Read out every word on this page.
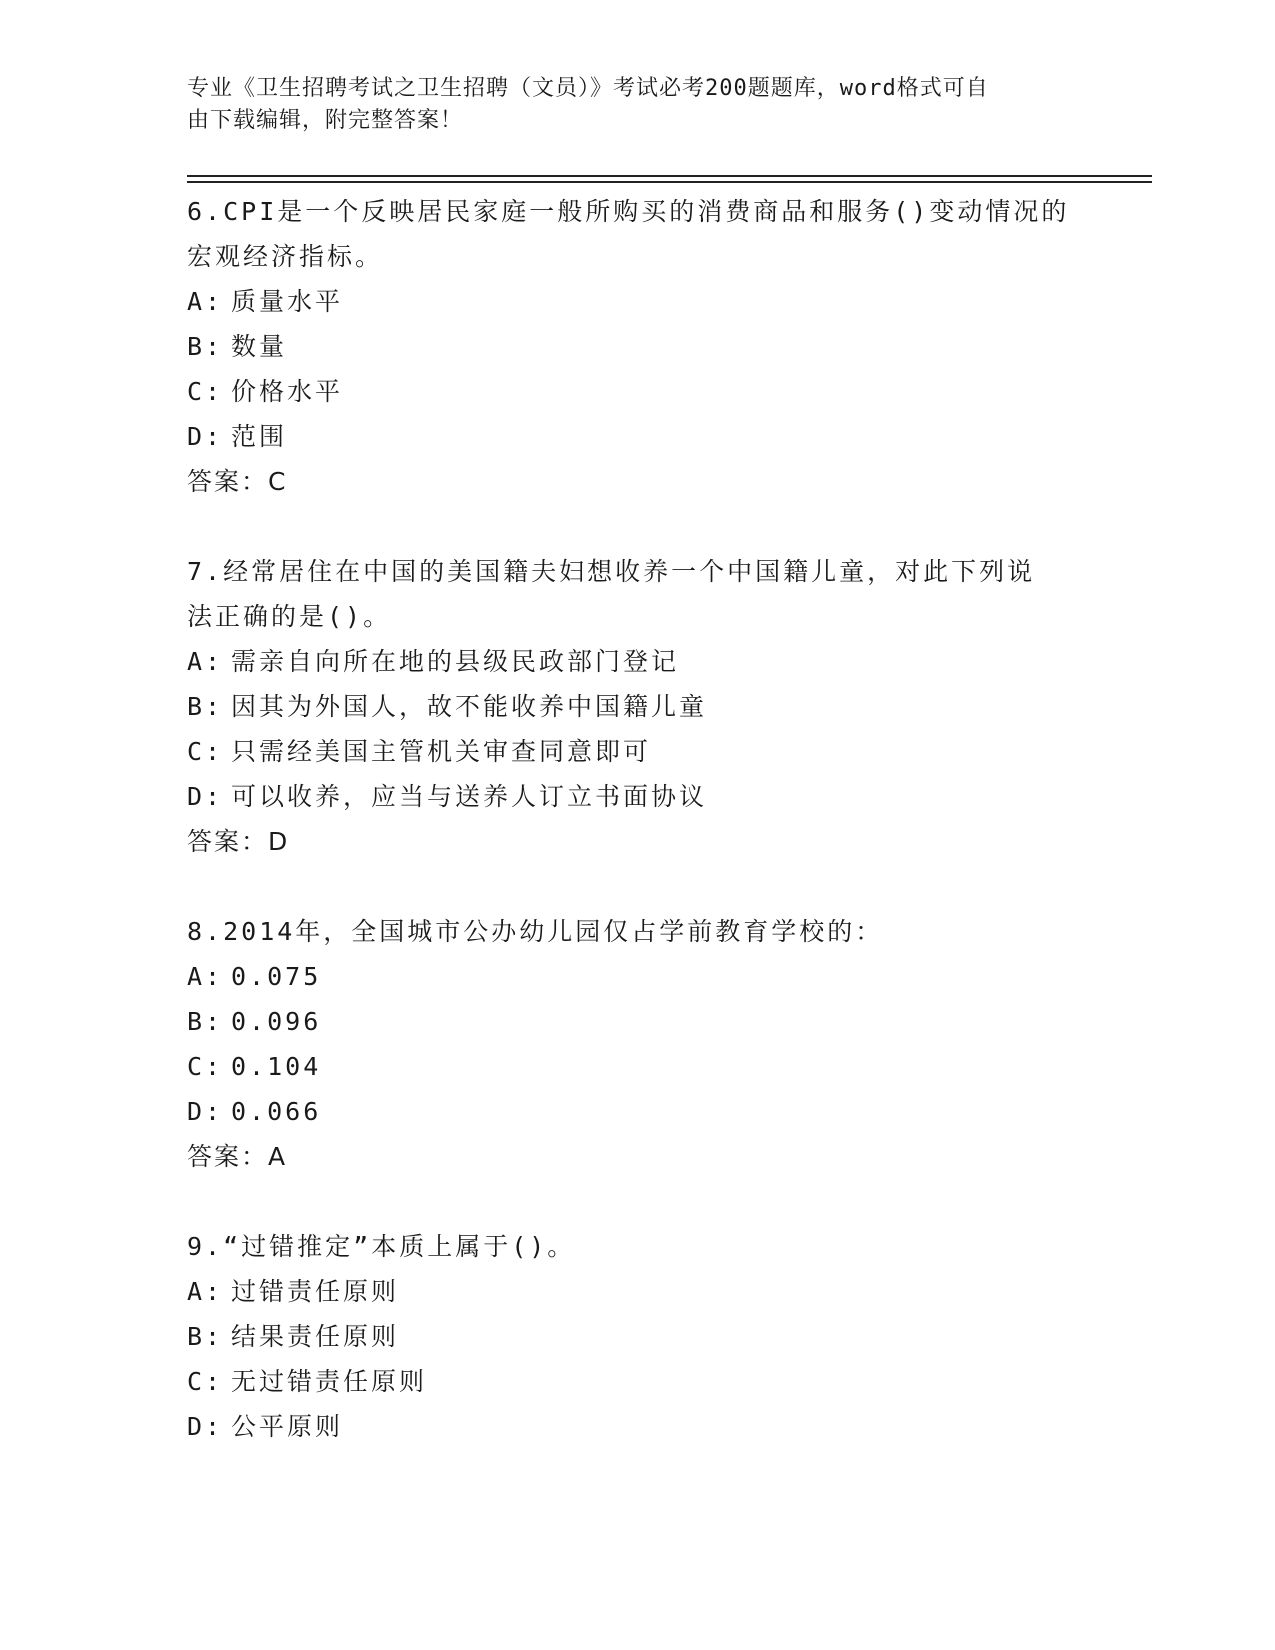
专业《卫生招聘考试之卫生招聘（文员）》考试必考200题题库，word格式可自
由下载编辑，附完整答案！
6.CPI是一个反映居民家庭一般所购买的消费商品和服务()变动情况的
宏观经济指标。
A: 质量水平
B: 数量
C: 价格水平
D: 范围
答案：C
7.经常居住在中国的美国籍夫妇想收养一个中国籍儿童，对此下列说
法正确的是()。
A: 需亲自向所在地的县级民政部门登记
B: 因其为外国人，故不能收养中国籍儿童
C: 只需经美国主管机关审查同意即可
D: 可以收养，应当与送养人订立书面协议
答案：D
8.2014年，全国城市公办幼儿园仅占学前教育学校的：
A: 0.075
B: 0.096
C: 0.104
D: 0.066
答案：A
9.“过错推定”本质上属于()。
A: 过错责任原则
B: 结果责任原则
C: 无过错责任原则
D: 公平原则
